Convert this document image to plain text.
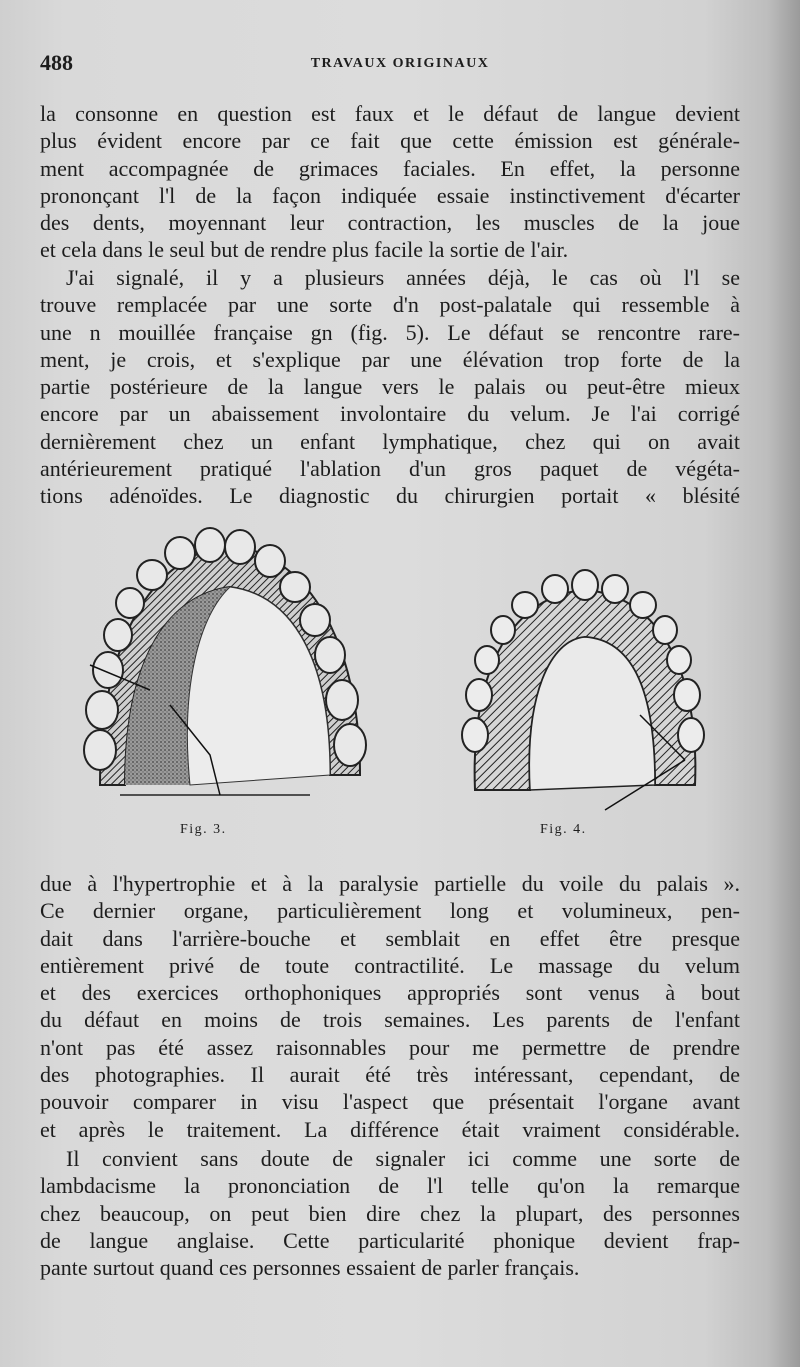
488	TRAVAUX ORIGINAUX
la consonne en question est faux et le défaut de langue devient
plus évident encore par ce fait que cette émission est générale-
ment accompagnée de grimaces faciales. En effet, la personne
prononçant l'l de la façon indiquée essaie instinctivement d'écarter
des dents, moyennant leur contraction, les muscles de la joue
et cela dans le seul but de rendre plus facile la sortie de l'air.
J'ai signalé, il y a plusieurs années déjà, le cas où l'l se
trouve remplacée par une sorte d'n post-palatale qui ressemble à
une n mouillée française gn (fig. 5). Le défaut se rencontre rare-
ment, je crois, et s'explique par une élévation trop forte de la
partie postérieure de la langue vers le palais ou peut-être mieux
encore par un abaissement involontaire du velum. Je l'ai corrigé
dernièrement chez un enfant lymphatique, chez qui on avait
antérieurement pratiqué l'ablation d'un gros paquet de végéta-
tions adénoïdes. Le diagnostic du chirurgien portait « blésité
Fig. 3.	Fig. 4.
due à l'hypertrophie et à la paralysie partielle du voile du palais ».
Ce dernier organe, particulièrement long et volumineux, pen-
dait dans l'arrière-bouche et semblait en effet être presque
entièrement privé de toute contractilité. Le massage du velum
et des exercices orthophoniques appropriés sont venus à bout
du défaut en moins de trois semaines. Les parents de l'enfant
n'ont pas été assez raisonnables pour me permettre de prendre
des photographies. Il aurait été très intéressant, cependant, de
pouvoir comparer in visu l'aspect que présentait l'organe avant
et après le traitement. La différence était vraiment considérable.
Il convient sans doute de signaler ici comme une sorte de
lambdacisme la prononciation de l'l telle qu'on la remarque
chez beaucoup, on peut bien dire chez la plupart, des personnes
de langue anglaise. Cette particularité phonique devient frap-
pante surtout quand ces personnes essaient de parler français.
